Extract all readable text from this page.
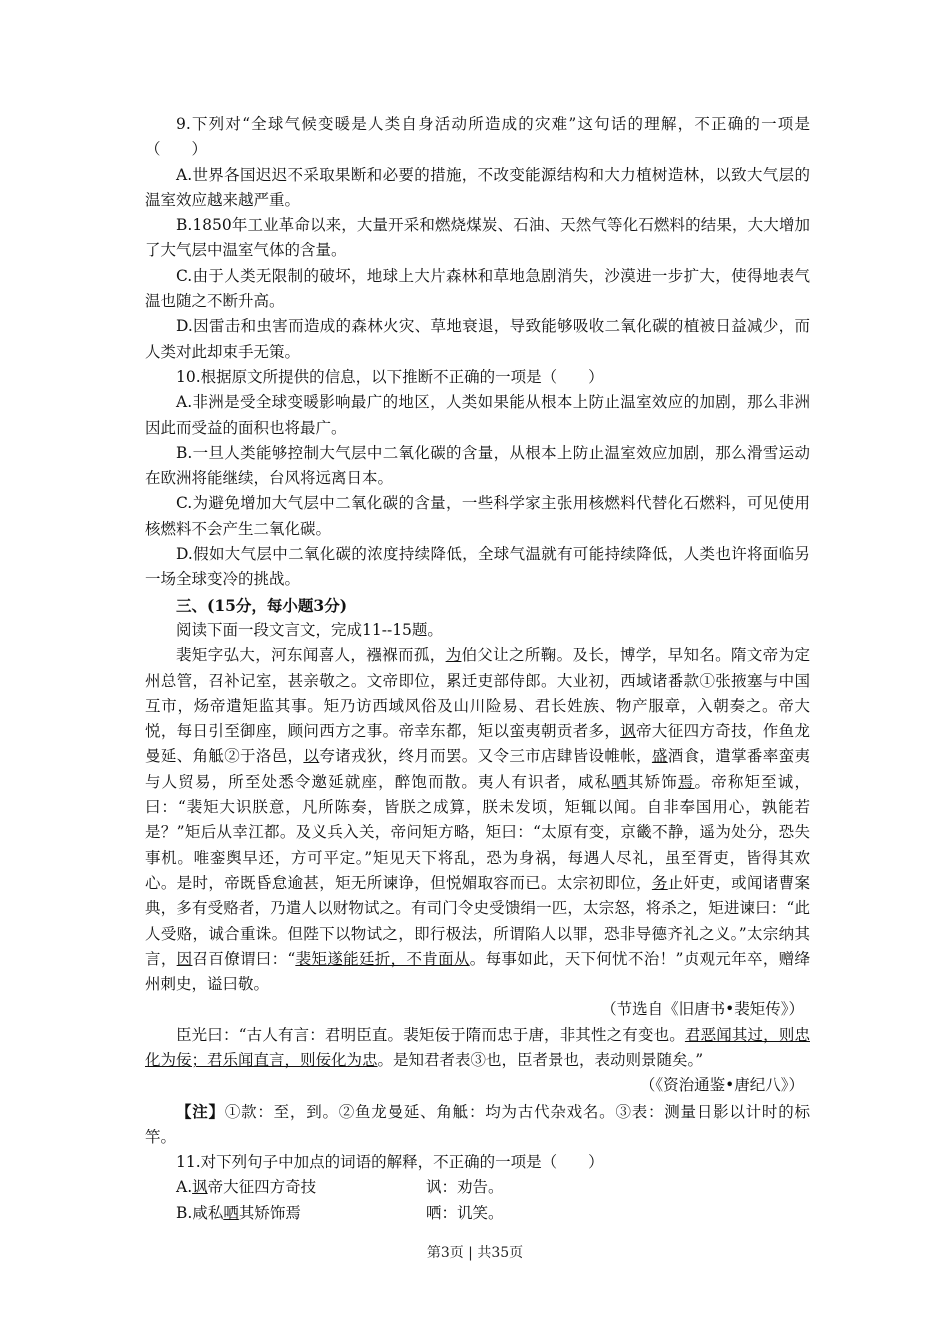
9.下列对“全球气候变暖是人类自身活动所造成的灾难”这句话的理解，不正确的一项是（　　）

A.世界各国迟迟不采取果断和必要的措施，不改变能源结构和大力植树造林，以致大气层的温室效应越来越严重。

B.1850年工业革命以来，大量开采和燃烧煤炭、石油、天然气等化石燃料的结果，大大增加了大气层中温室气体的含量。

C.由于人类无限制的破坏，地球上大片森林和草地急剧消失，沙漠进一步扩大，使得地表气温也随之不断升高。

D.因雷击和虫害而造成的森林火灾、草地衰退，导致能够吸收二氧化碳的植被日益减少，而人类对此却束手无策。

10.根据原文所提供的信息，以下推断不正确的一项是（　　）

A.非洲是受全球变暖影响最广的地区，人类如果能从根本上防止温室效应的加剧，那么非洲因此而受益的面积也将最广。

B.一旦人类能够控制大气层中二氧化碳的含量，从根本上防止温室效应加剧，那么滑雪运动在欧洲将能继续，台风将远离日本。

C.为避免增加大气层中二氧化碳的含量，一些科学家主张用核燃料代替化石燃料，可见使用核燃料不会产生二氧化碳。

D.假如大气层中二氧化碳的浓度持续降低，全球气温就有可能持续降低，人类也许将面临另一场全球变冷的挑战。

三、(15分，每小题3分)

阅读下面一段文言文，完成11--15题。

裴矩字弘大，河东闻喜人，襁褓而孤，为伯父让之所鞠。及长，博学，早知名。隋文帝为定州总管，召补记室，甚亲敬之。文帝即位，累迁吏部侍郎。大业初，西域诸番款①张掖塞与中国互市，炀帝遣矩监其事。矩乃访西域风俗及山川险易、君长姓族、物产服章，入朝奏之。帝大悦，每日引至御座，顾问西方之事。帝幸东都，矩以蛮夷朝贡者多，讽帝大征四方奇技，作鱼龙曼延、角觝②于洛邑，以夸诸戎狄，终月而罢。又令三市店肆皆设帷帐，盛酒食，遣掌番率蛮夷与人贸易，所至处悉令邀延就座，醉饱而散。夷人有识者，咸私哂其矫饰焉。帝称矩至诚，曰：“裴矩大识朕意，凡所陈奏，皆朕之成算，朕未发顷，矩辄以闻。自非奉国用心，孰能若是？”矩后从幸江都。及义兵入关，帝问矩方略，矩曰：“太原有变，京畿不静，遥为处分，恐失事机。唯銮舆早还，方可平定。”矩见天下将乱，恐为身祸，每遇人尽礼，虽至胥吏，皆得其欢心。是时，帝既昏怠逾甚，矩无所谏诤，但悦媚取容而已。太宗初即位，务止奸吏，或闻诸曹案典，多有受赂者，乃遣人以财物试之。有司门令史受馈绢一匹，太宗怒，将杀之，矩进谏曰：“此人受赂，诚合重诛。但陛下以物试之，即行极法，所谓陷人以罪，恐非导德齐礼之义。”太宗纳其言，因召百僚谓曰：“裴矩遂能廷折，不肯面从。每事如此，天下何忧不治！”贞观元年卒，赠绛州刺史，谥曰敬。

（节选自《旧唐书•裴矩传》）

臣光曰：“古人有言：君明臣直。裴矩佞于隋而忠于唐，非其性之有变也。君恶闻其过，则忠化为佞；君乐闻直言，则佞化为忠。是知君者表③也，臣者景也，表动则景随矣。”

（《资治通鉴•唐纪八》）

【注】①款：至，到。②鱼龙曼延、角觝：均为古代杂戏名。③表：测量日影以计时的标竿。

11.对下列句子中加点的词语的解释，不正确的一项是（　　）

A.讽帝大征四方奇技	讽：劝告。
B.咸私哂其矫饰焉	哂：讥笑。
第3页 | 共35页
